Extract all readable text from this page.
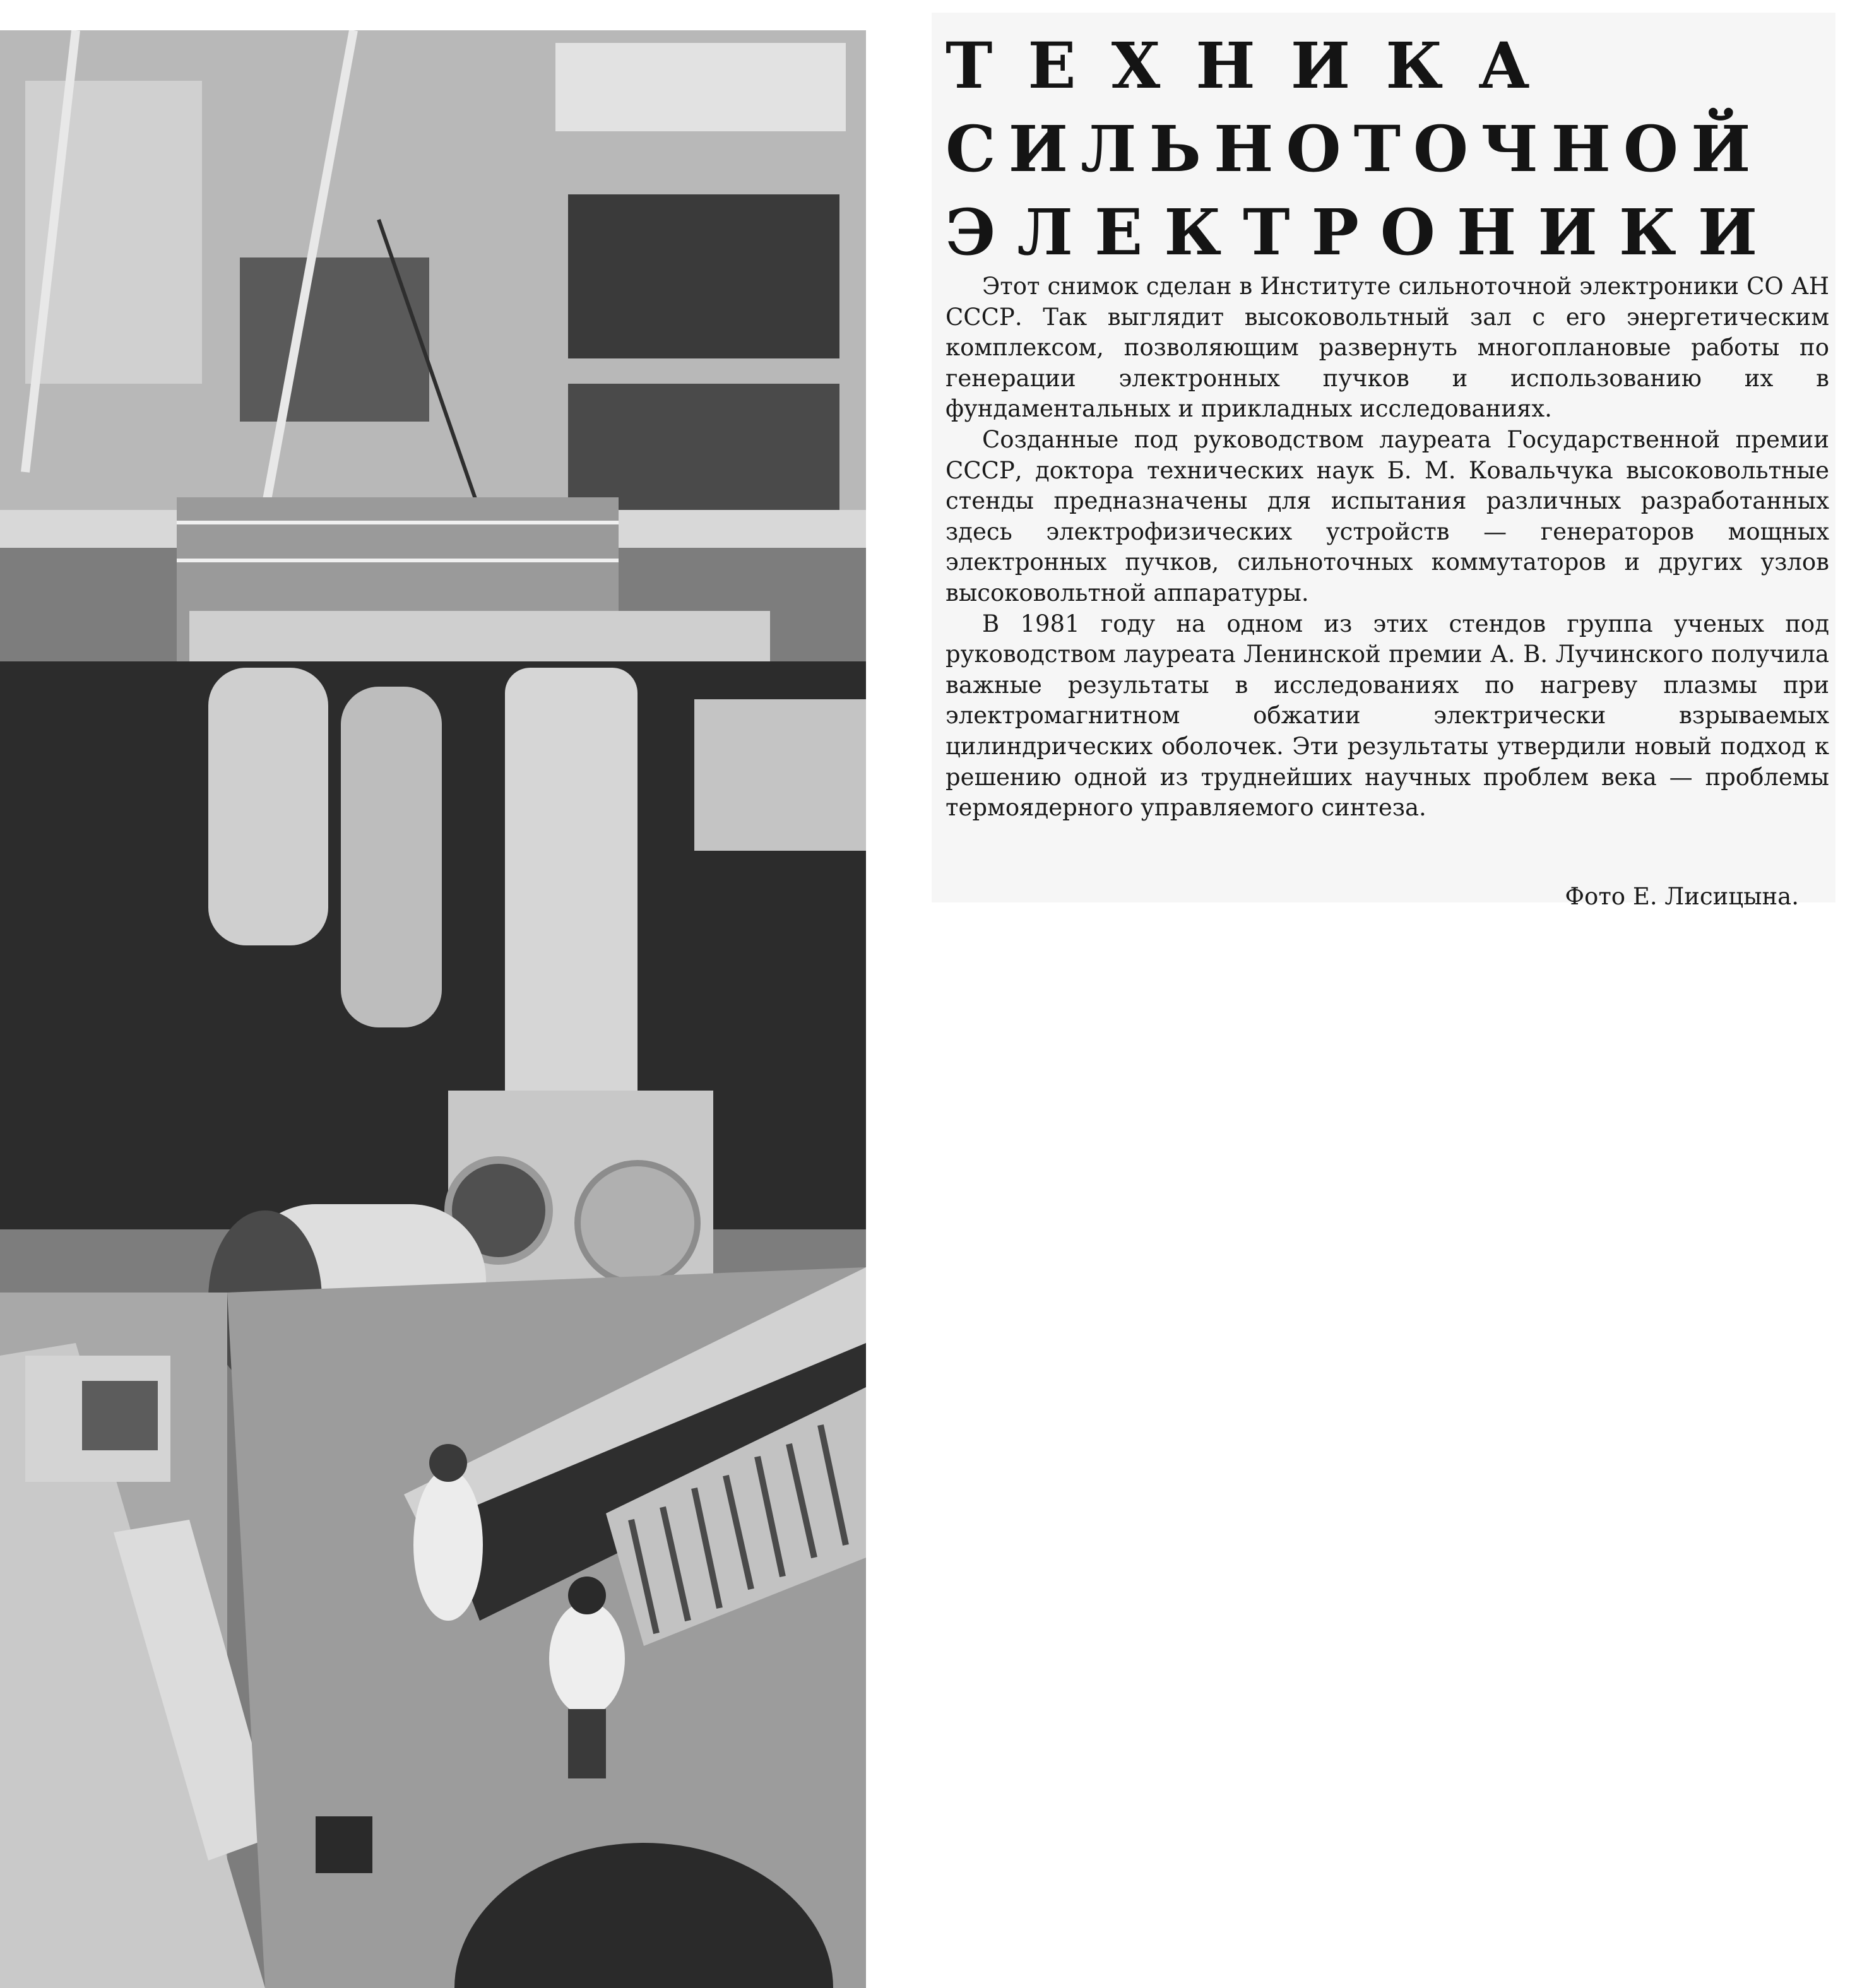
ТЕХНИКА
СИЛЬНОТОЧНОЙ
ЭЛЕКТРОНИКИ

Этот снимок сделан в Институте сильноточной электроники СО АН СССР. Так выглядит высоковольтный зал с его энергетическим комплексом, позволяющим развернуть многоплановые работы по генерации электронных пучков и использованию их в фундаментальных и прикладных исследованиях.

Созданные под руководством лауреата Государственной премии СССР, доктора технических наук Б. М. Ковальчука высоковольтные стенды предназначены для испытания различных разработанных здесь электрофизических устройств — генераторов мощных электронных пучков, сильноточных коммутаторов и других узлов высоковольтной аппаратуры.

В 1981 году на одном из этих стендов группа ученых под руководством лауреата Ленинской премии А. В. Лучинского получила важные результаты в исследованиях по нагреву плазмы при электромагнитном обжатии электрически взрываемых цилиндрических оболочек. Эти результаты утвердили новый подход к решению одной из труднейших научных проблем века — проблемы термоядерного управляемого синтеза.

Фото Е. Лисицына.
